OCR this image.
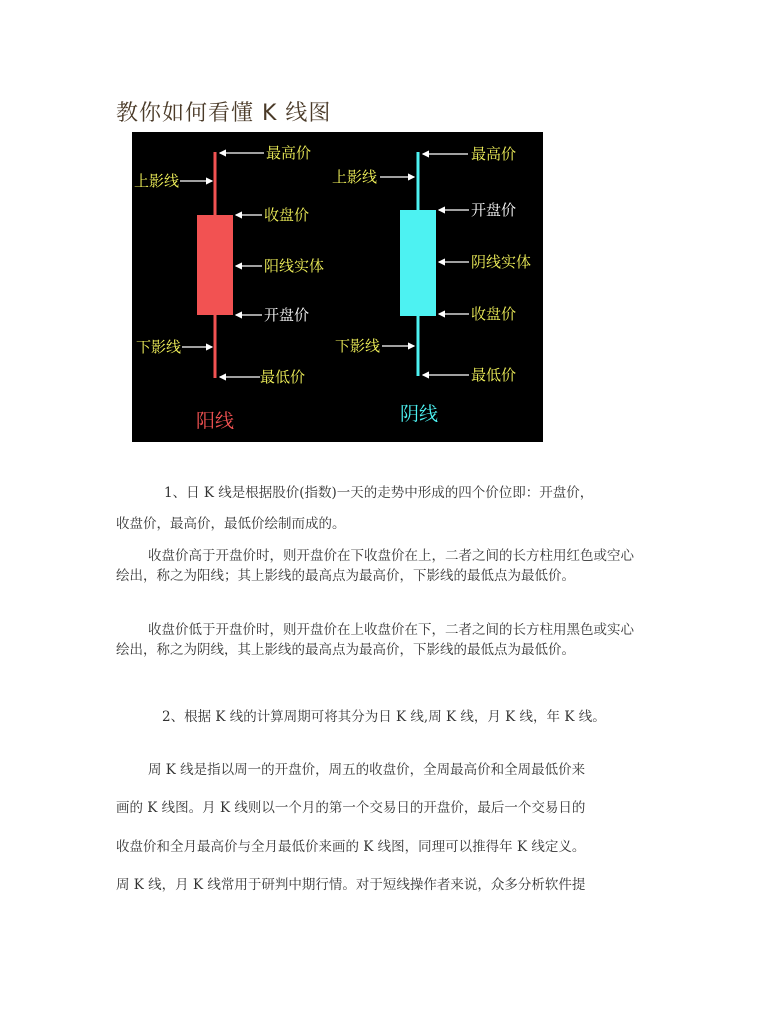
教你如何看懂 K 线图
最高价
上影线
收盘价
阳线实体
开盘价
下影线
最低价
阳线
最高价
上影线
开盘价
阴线实体
收盘价
下影线
最低价
阴线
1、日 K 线是根据股价(指数)一天的走势中形成的四个价位即：开盘价，
收盘价，最高价，最低价绘制而成的。

收盘价高于开盘价时，则开盘价在下收盘价在上，二者之间的长方柱用红色或空心绘出，称之为阳线；其上影线的最高点为最高价，下影线的最低点为最低价。

收盘价低于开盘价时，则开盘价在上收盘价在下，二者之间的长方柱用黑色或实心绘出，称之为阴线，其上影线的最高点为最高价，下影线的最低点为最低价。

2、根据 K 线的计算周期可将其分为日 K 线,周 K 线，月 K 线，年 K 线。
周 K 线是指以周一的开盘价，周五的收盘价，全周最高价和全周最低价来
画的 K 线图。月 K 线则以一个月的第一个交易日的开盘价，最后一个交易日的
收盘价和全月最高价与全月最低价来画的 K 线图，同理可以推得年 K 线定义。
周 K 线，月 K 线常用于研判中期行情。对于短线操作者来说，众多分析软件提
